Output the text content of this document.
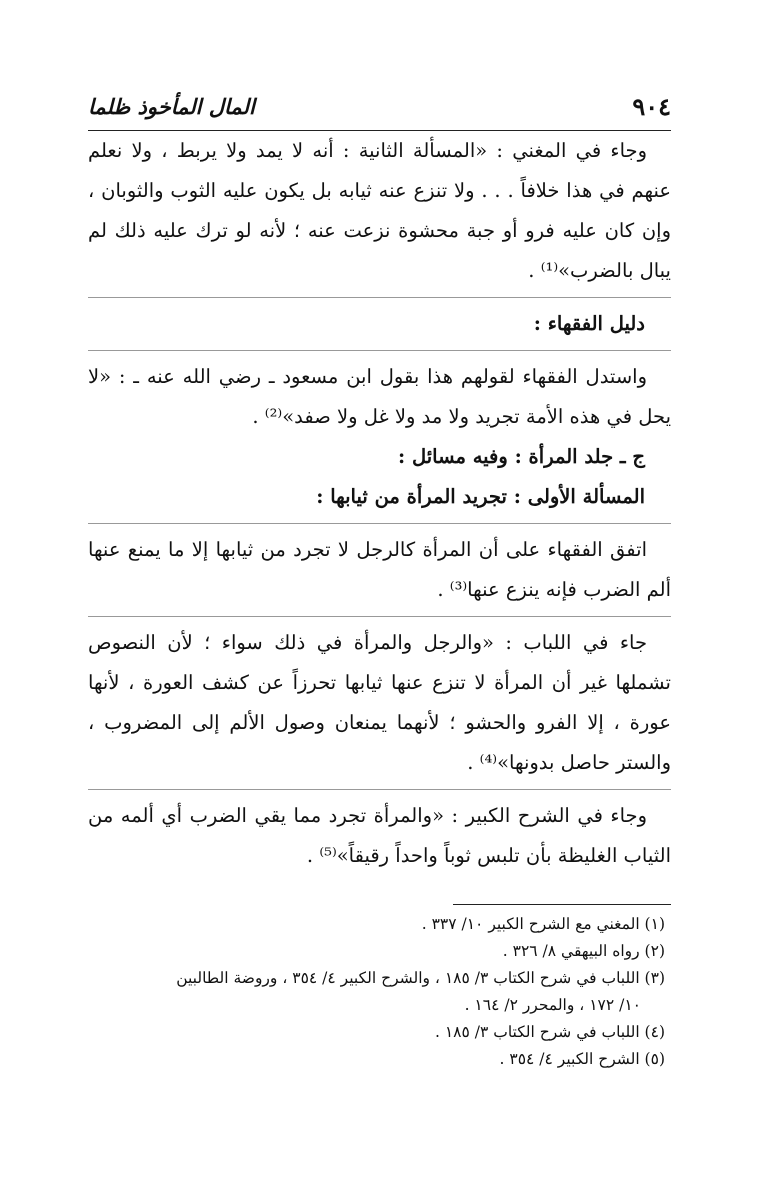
٩٠٤
المال المأخوذ ظلما

وجاء في المغني : «المسألة الثانية : أنه لا يمد ولا يربط ، ولا نعلم عنهم في هذا خلافاً . . . ولا تنزع عنه ثيابه بل يكون عليه الثوب والثوبان ، وإن كان عليه فرو أو جبة محشوة نزعت عنه ؛ لأنه لو ترك عليه ذلك لم يبال بالضرب»⁽¹⁾ .

دليل الفقهاء :

واستدل الفقهاء لقولهم هذا بقول ابن مسعود ـ رضي الله عنه ـ : «لا يحل في هذه الأمة تجريد ولا مد ولا غل ولا صفد»⁽²⁾ .

ج ـ جلد المرأة : وفيه مسائل :

المسألة الأولى : تجريد المرأة من ثيابها :

اتفق الفقهاء على أن المرأة كالرجل لا تجرد من ثيابها إلا ما يمنع عنها ألم الضرب فإنه ينزع عنها⁽³⁾ .

جاء في اللباب : «والرجل والمرأة في ذلك سواء ؛ لأن النصوص تشملها غير أن المرأة لا تنزع عنها ثيابها تحرزاً عن كشف العورة ، لأنها عورة ، إلا الفرو والحشو ؛ لأنهما يمنعان وصول الألم إلى المضروب ، والستر حاصل بدونها»⁽⁴⁾ .

وجاء في الشرح الكبير : «والمرأة تجرد مما يقي الضرب أي ألمه من الثياب الغليظة بأن تلبس ثوباً واحداً رقيقاً»⁽⁵⁾ .

(١) المغني مع الشرح الكبير ١٠/ ٣٣٧ .

(٢) رواه البيهقي ٨/ ٣٢٦ .

(٣) اللباب في شرح الكتاب ٣/ ١٨٥ ، والشرح الكبير ٤/ ٣٥٤ ، وروضة الطالبين

١٠/ ١٧٢ ، والمحرر ٢/ ١٦٤ .

(٤) اللباب في شرح الكتاب ٣/ ١٨٥ .

(٥) الشرح الكبير ٤/ ٣٥٤ .
